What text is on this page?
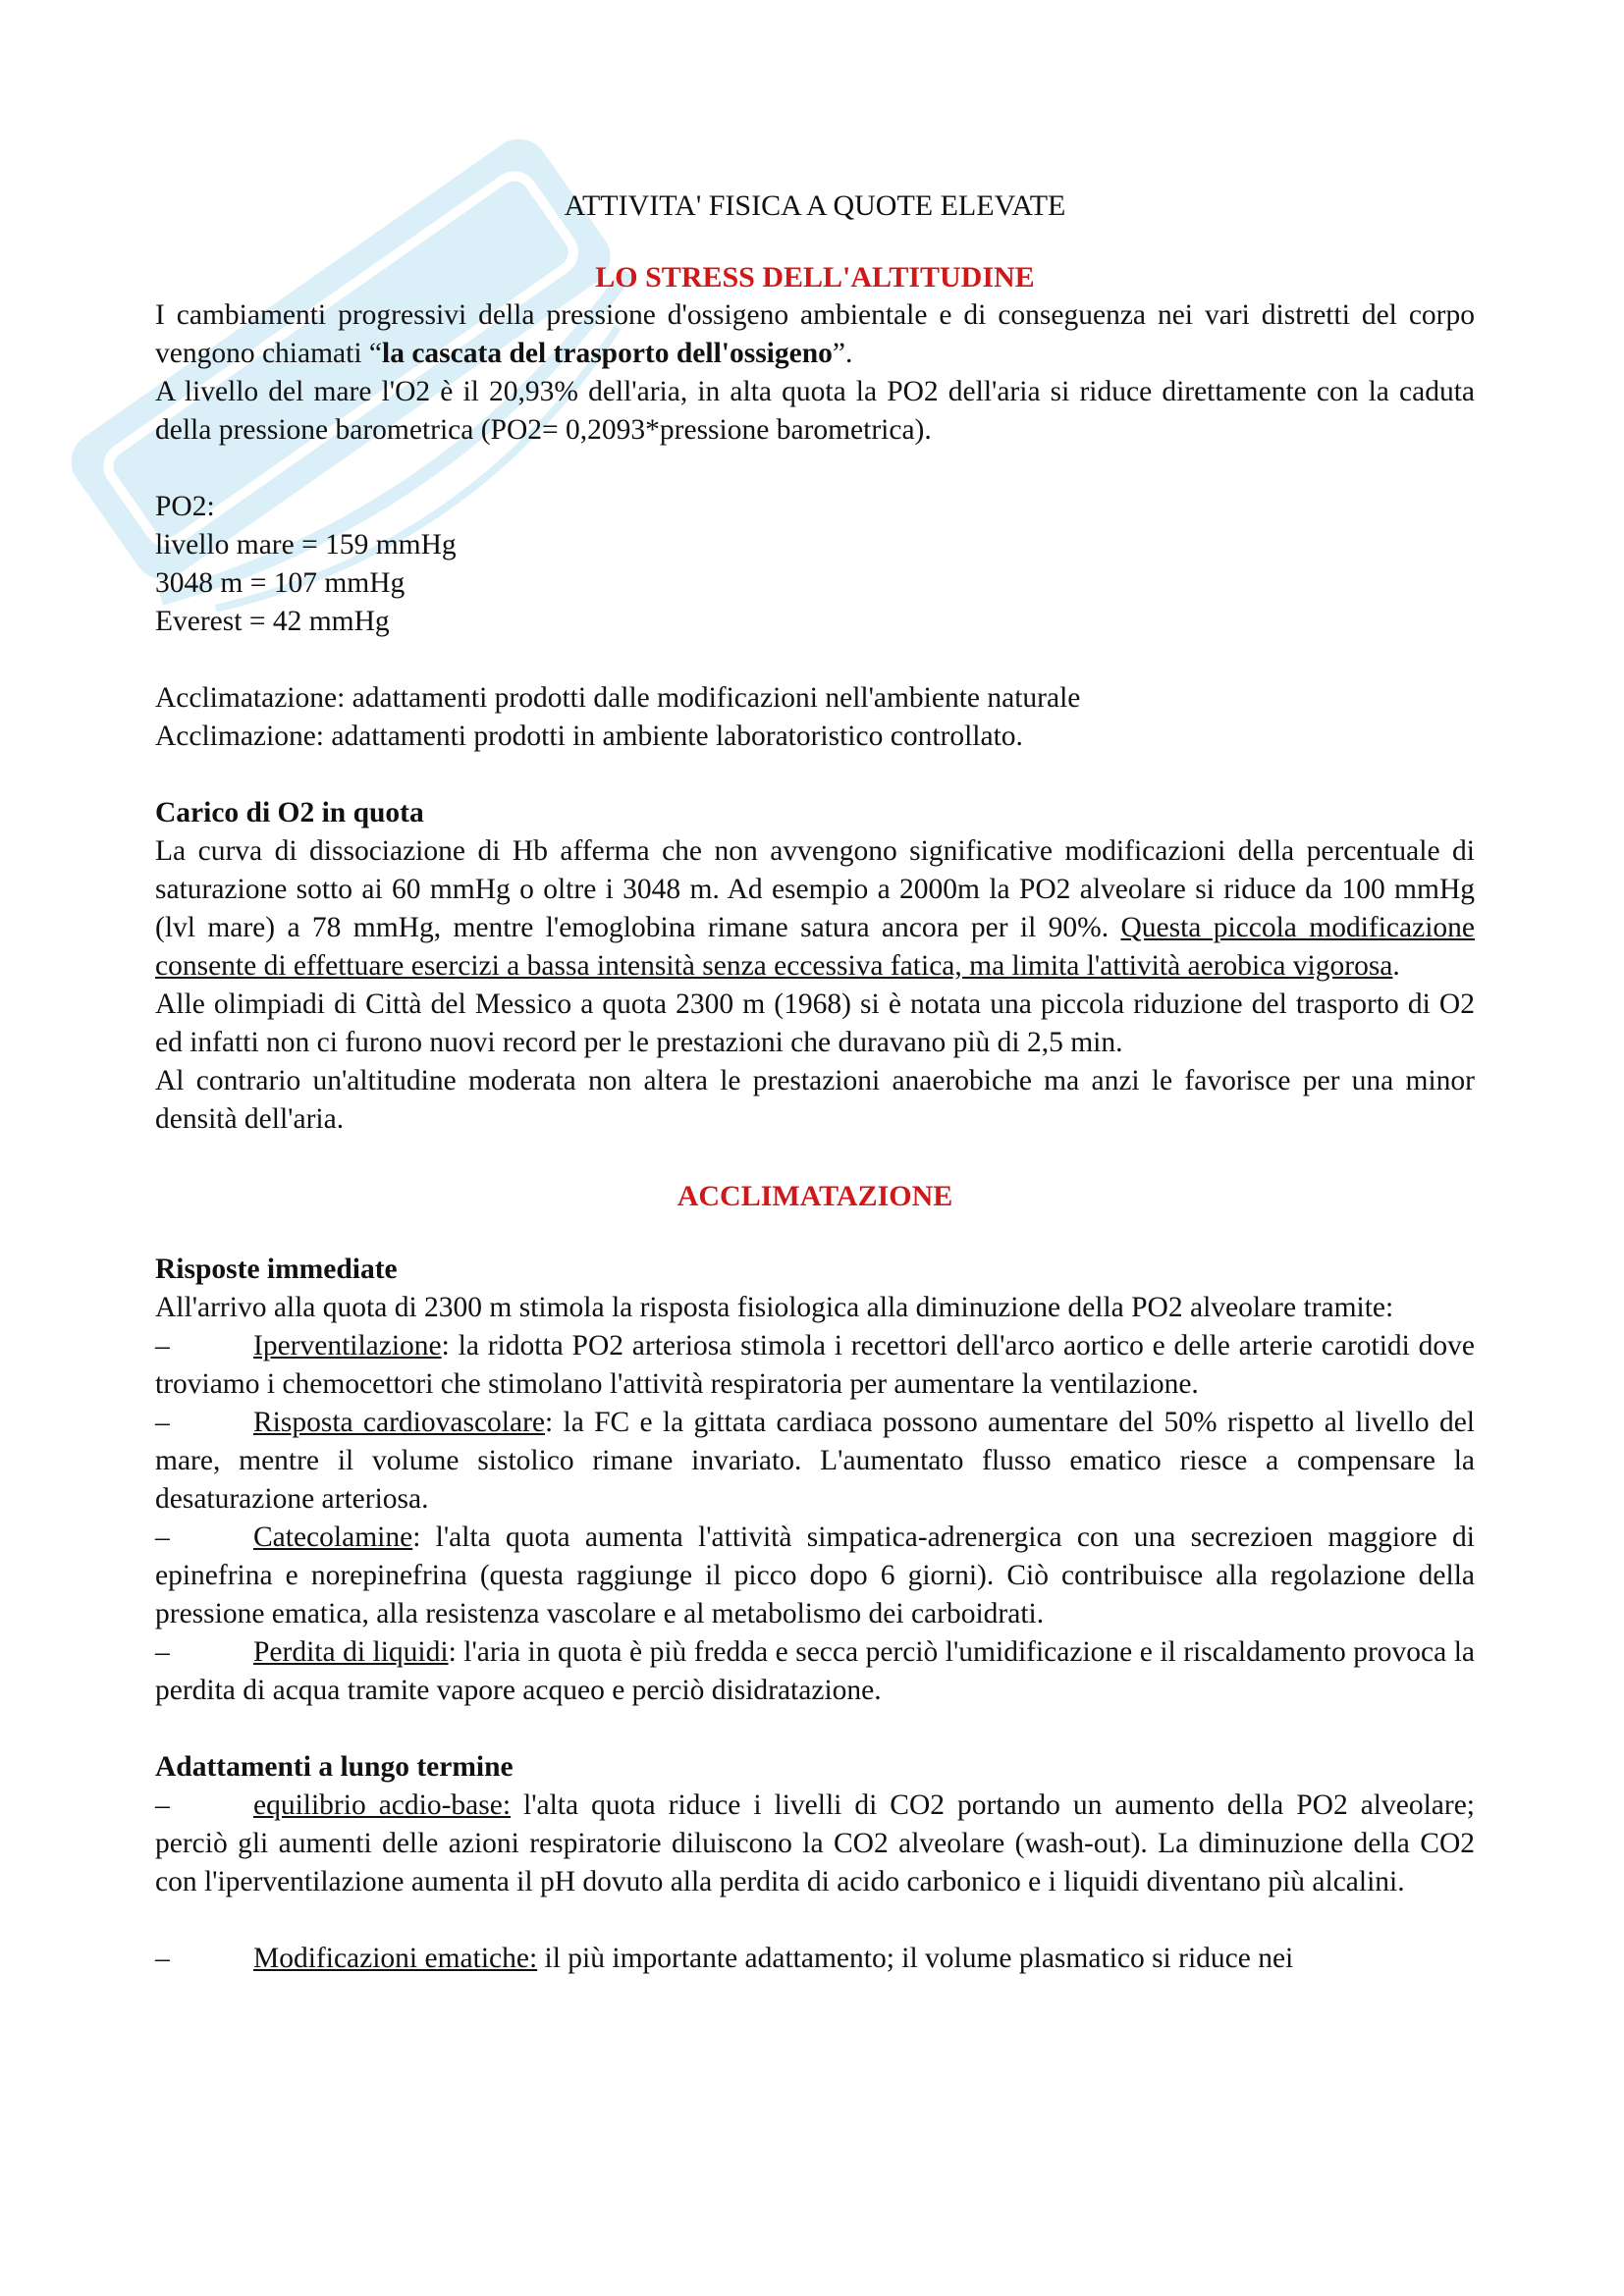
ATTIVITA' FISICA A QUOTE ELEVATE
LO STRESS DELL'ALTITUDINE

I cambiamenti progressivi della pressione d'ossigeno ambientale e di conseguenza nei vari distretti del corpo vengono chiamati “la cascata del trasporto dell'ossigeno”.

A livello del mare l'O2 è il 20,93% dell'aria, in alta quota la PO2 dell'aria si riduce direttamente con la caduta della pressione barometrica (PO2= 0,2093*pressione barometrica).

PO2:
livello mare = 159 mmHg
3048 m = 107 mmHg
Everest = 42 mmHg
Acclimatazione: adattamenti prodotti dalle modificazioni nell'ambiente naturale
Acclimazione: adattamenti prodotti in ambiente laboratoristico controllato.
Carico di O2 in quota

La curva di dissociazione di Hb afferma che non avvengono significative modificazioni della percentuale di saturazione sotto ai 60 mmHg o oltre i 3048 m. Ad esempio a 2000m la PO2 alveolare si riduce da 100 mmHg (lvl mare) a 78 mmHg, mentre l'emoglobina rimane satura ancora per il 90%. Questa piccola modificazione consente di effettuare esercizi a bassa intensità senza eccessiva fatica, ma limita l'attività aerobica vigorosa.

Alle olimpiadi di Città del Messico a quota 2300 m (1968) si è notata una piccola riduzione del trasporto di O2 ed infatti non ci furono nuovi record per le prestazioni che duravano più di 2,5 min.

Al contrario un'altitudine moderata non altera le prestazioni anaerobiche ma anzi le favorisce per una minor densità dell'aria.

ACCLIMATAZIONE
Risposte immediate

All'arrivo alla quota di 2300 m stimola la risposta fisiologica alla diminuzione della PO2 alveolare tramite:

–	Iperventilazione: la ridotta PO2 arteriosa stimola i recettori dell'arco aortico e delle arterie carotidi dove troviamo i chemocettori che stimolano l'attività respiratoria per aumentare la ventilazione.

–	Risposta cardiovascolare: la FC e la gittata cardiaca possono aumentare del 50% rispetto al livello del mare, mentre il volume sistolico rimane invariato. L'aumentato flusso ematico riesce a compensare la desaturazione arteriosa.

–	Catecolamine: l'alta quota aumenta l'attività simpatica-adrenergica con una secrezioen maggiore di epinefrina e norepinefrina (questa raggiunge il picco dopo 6 giorni). Ciò contribuisce alla regolazione della pressione ematica, alla resistenza vascolare e al metabolismo dei carboidrati.

–	Perdita di liquidi: l'aria in quota è più fredda e secca perciò l'umidificazione e il riscaldamento provoca la perdita di acqua tramite vapore acqueo e perciò disidratazione.

Adattamenti a lungo termine

–	equilibrio acdio-base: l'alta quota riduce i livelli di CO2 portando un aumento della PO2 alveolare; perciò gli aumenti delle azioni respiratorie diluiscono la CO2 alveolare (wash-out). La diminuzione della CO2 con l'iperventilazione aumenta il pH dovuto alla perdita di acido carbonico e i liquidi diventano più alcalini.

–	Modificazioni ematiche: il più importante adattamento; il volume plasmatico si riduce nei
